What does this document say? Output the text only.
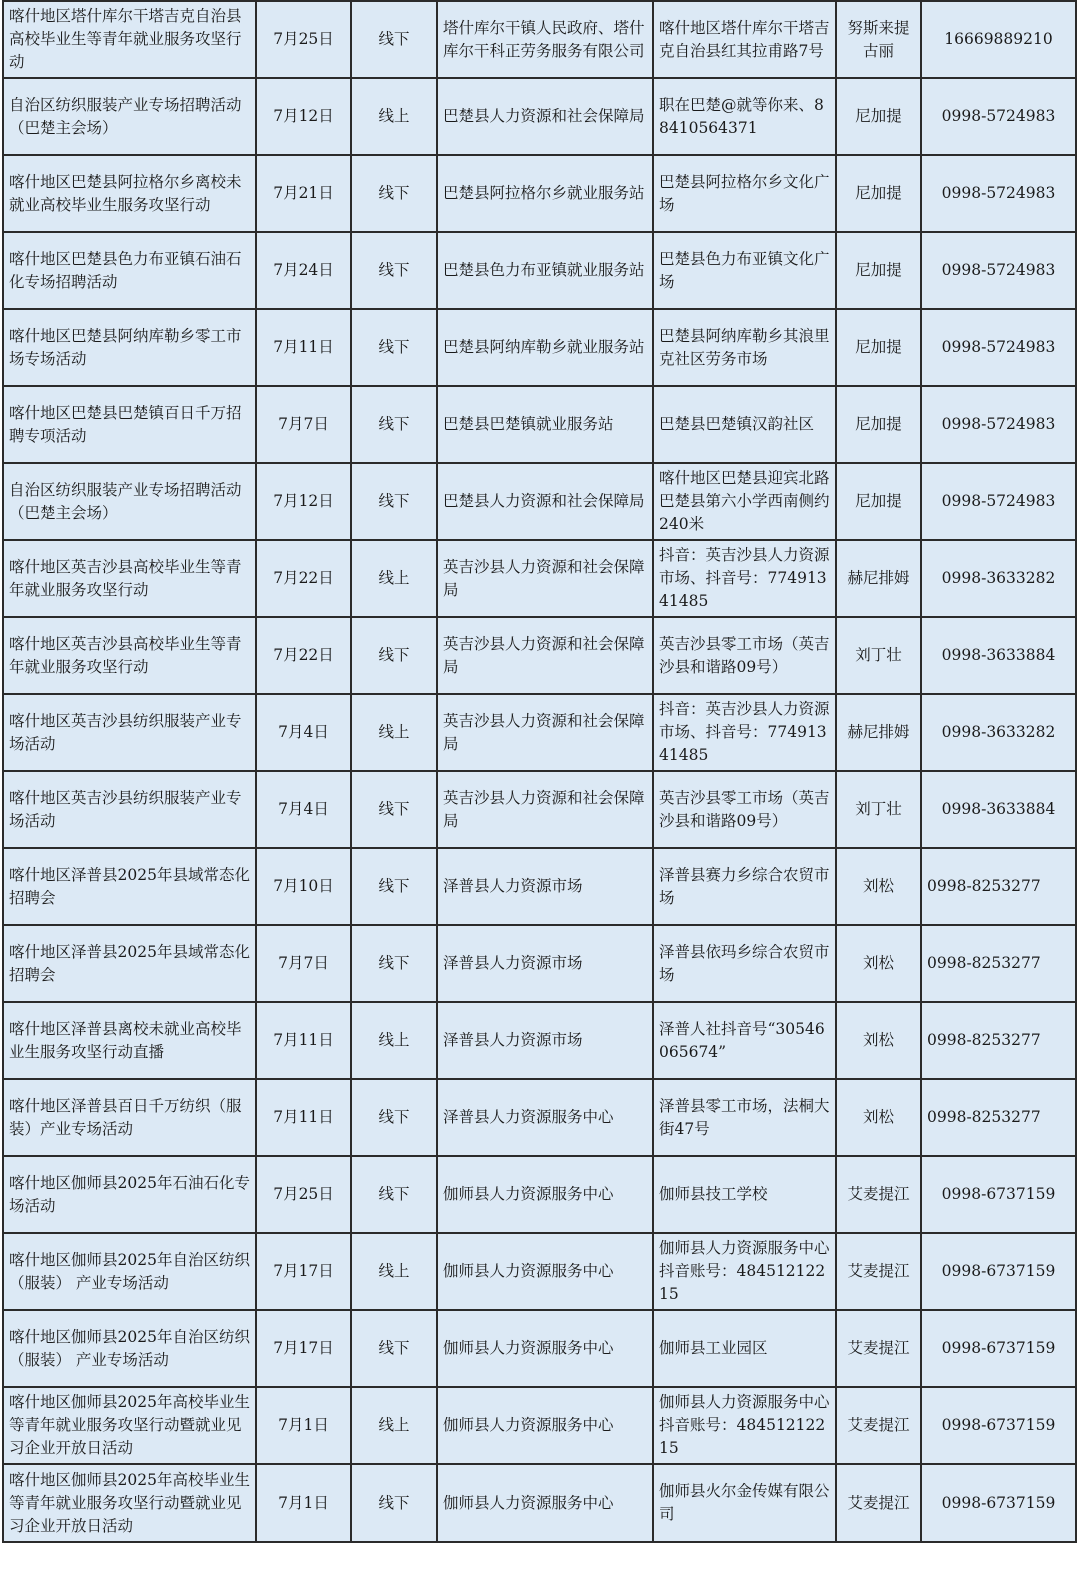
喀什地区塔什库尔干塔吉克自治县高校毕业生等青年就业服务攻坚行动	7月25日	线下	塔什库尔干镇人民政府、塔什库尔干科正劳务服务有限公司	喀什地区塔什库尔干塔吉克自治县红其拉甫路7号	努斯来提古丽	16669889210
自治区纺织服装产业专场招聘活动（巴楚主会场）	7月12日	线上	巴楚县人力资源和社会保障局	职在巴楚@就等你来、88410564371	尼加提	0998-5724983
喀什地区巴楚县阿拉格尔乡离校未就业高校毕业生服务攻坚行动	7月21日	线下	巴楚县阿拉格尔乡就业服务站	巴楚县阿拉格尔乡文化广场	尼加提	0998-5724983
喀什地区巴楚县色力布亚镇石油石化专场招聘活动	7月24日	线下	巴楚县色力布亚镇就业服务站	巴楚县色力布亚镇文化广场	尼加提	0998-5724983
喀什地区巴楚县阿纳库勒乡零工市场专场活动	7月11日	线下	巴楚县阿纳库勒乡就业服务站	巴楚县阿纳库勒乡其浪里克社区劳务市场	尼加提	0998-5724983
喀什地区巴楚县巴楚镇百日千万招聘专项活动	7月7日	线下	巴楚县巴楚镇就业服务站	巴楚县巴楚镇汉韵社区	尼加提	0998-5724983
自治区纺织服装产业专场招聘活动（巴楚主会场）	7月12日	线下	巴楚县人力资源和社会保障局	喀什地区巴楚县迎宾北路巴楚县第六小学西南侧约240米	尼加提	0998-5724983
喀什地区英吉沙县高校毕业生等青年就业服务攻坚行动	7月22日	线上	英吉沙县人力资源和社会保障局	抖音：英吉沙县人力资源市场、抖音号：77491341485	赫尼排姆	0998-3633282
喀什地区英吉沙县高校毕业生等青年就业服务攻坚行动	7月22日	线下	英吉沙县人力资源和社会保障局	英吉沙县零工市场（英吉沙县和谐路09号）	刘丁壮	0998-3633884
喀什地区英吉沙县纺织服装产业专场活动	7月4日	线上	英吉沙县人力资源和社会保障局	抖音：英吉沙县人力资源市场、抖音号：77491341485	赫尼排姆	0998-3633282
喀什地区英吉沙县纺织服装产业专场活动	7月4日	线下	英吉沙县人力资源和社会保障局	英吉沙县零工市场（英吉沙县和谐路09号）	刘丁壮	0998-3633884
喀什地区泽普县2025年县域常态化招聘会	7月10日	线下	泽普县人力资源市场	泽普县赛力乡综合农贸市场	刘松	0998-8253277
喀什地区泽普县2025年县域常态化招聘会	7月7日	线下	泽普县人力资源市场	泽普县依玛乡综合农贸市场	刘松	0998-8253277
喀什地区泽普县离校未就业高校毕业生服务攻坚行动直播	7月11日	线上	泽普县人力资源市场	泽普人社抖音号“30546065674”	刘松	0998-8253277
喀什地区泽普县百日千万纺织（服装）产业专场活动	7月11日	线下	泽普县人力资源服务中心	泽普县零工市场，法桐大街47号	刘松	0998-8253277
喀什地区伽师县2025年石油石化专场活动	7月25日	线下	伽师县人力资源服务中心	伽师县技工学校	艾麦提江	0998-6737159
喀什地区伽师县2025年自治区纺织（服装） 产业专场活动	7月17日	线上	伽师县人力资源服务中心	伽师县人力资源服务中心抖音账号：48451212215	艾麦提江	0998-6737159
喀什地区伽师县2025年自治区纺织（服装） 产业专场活动	7月17日	线下	伽师县人力资源服务中心	伽师县工业园区	艾麦提江	0998-6737159
喀什地区伽师县2025年高校毕业生等青年就业服务攻坚行动暨就业见习企业开放日活动	7月1日	线上	伽师县人力资源服务中心	伽师县人力资源服务中心抖音账号：48451212215	艾麦提江	0998-6737159
喀什地区伽师县2025年高校毕业生等青年就业服务攻坚行动暨就业见习企业开放日活动	7月1日	线下	伽师县人力资源服务中心	伽师县火尔金传媒有限公司	艾麦提江	0998-6737159
